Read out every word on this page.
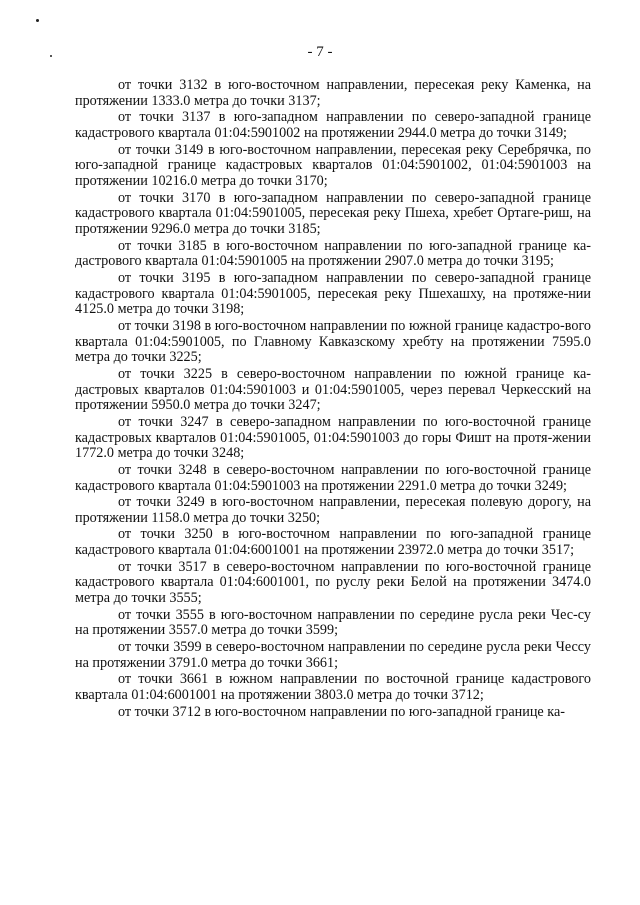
- 7 -

от точки 3132 в юго-восточном направлении, пересекая реку Каменка, на протяжении 1333.0 метра до точки 3137;

от точки 3137 в юго-западном направлении по северо-западной границе кадастрового квартала 01:04:5901002 на протяжении 2944.0 метра до точки 3149;

от точки 3149 в юго-восточном направлении, пересекая реку Серебрячка, по юго-западной границе кадастровых кварталов 01:04:5901002, 01:04:5901003 на протяжении 10216.0 метра до точки 3170;

от точки 3170 в юго-западном направлении по северо-западной границе кадастрового квартала 01:04:5901005, пересекая реку Пшеха, хребет Ортаге-риш, на протяжении 9296.0 метра до точки 3185;

от точки 3185 в юго-восточном направлении по юго-западной границе ка-дастрового квартала 01:04:5901005 на протяжении 2907.0 метра до точки 3195;

от точки 3195 в юго-западном направлении по северо-западной границе кадастрового квартала 01:04:5901005, пересекая реку Пшехашху, на протяже-нии 4125.0 метра до точки 3198;

от точки 3198 в юго-восточном направлении по южной границе кадастро-вого квартала 01:04:5901005, по Главному Кавказскому хребту на протяжении 7595.0 метра до точки 3225;

от точки 3225 в северо-восточном направлении по южной границе ка-дастровых кварталов 01:04:5901003 и 01:04:5901005, через перевал Черкесский на протяжении 5950.0 метра до точки 3247;

от точки 3247 в северо-западном направлении по юго-восточной границе кадастровых кварталов 01:04:5901005, 01:04:5901003 до горы Фишт на протя-жении 1772.0 метра до точки 3248;

от точки 3248 в северо-восточном направлении по юго-восточной границе кадастрового квартала 01:04:5901003 на протяжении 2291.0 метра до точки 3249;

от точки 3249 в юго-восточном направлении, пересекая полевую дорогу, на протяжении 1158.0 метра до точки 3250;

от точки 3250 в юго-восточном направлении по юго-западной границе кадастрового квартала 01:04:6001001 на протяжении 23972.0 метра до точки 3517;

от точки 3517 в северо-восточном направлении по юго-восточной границе кадастрового квартала 01:04:6001001, по руслу реки Белой на протяжении 3474.0 метра до точки 3555;

от точки 3555 в юго-восточном направлении по середине русла реки Чес-су на протяжении 3557.0 метра до точки 3599;

от точки 3599 в северо-восточном направлении по середине русла реки Чессу на протяжении 3791.0 метра до точки 3661;

от точки 3661 в южном направлении по восточной границе кадастрового квартала 01:04:6001001 на протяжении 3803.0 метра до точки 3712;

от точки 3712 в юго-восточном направлении по юго-западной границе ка-
